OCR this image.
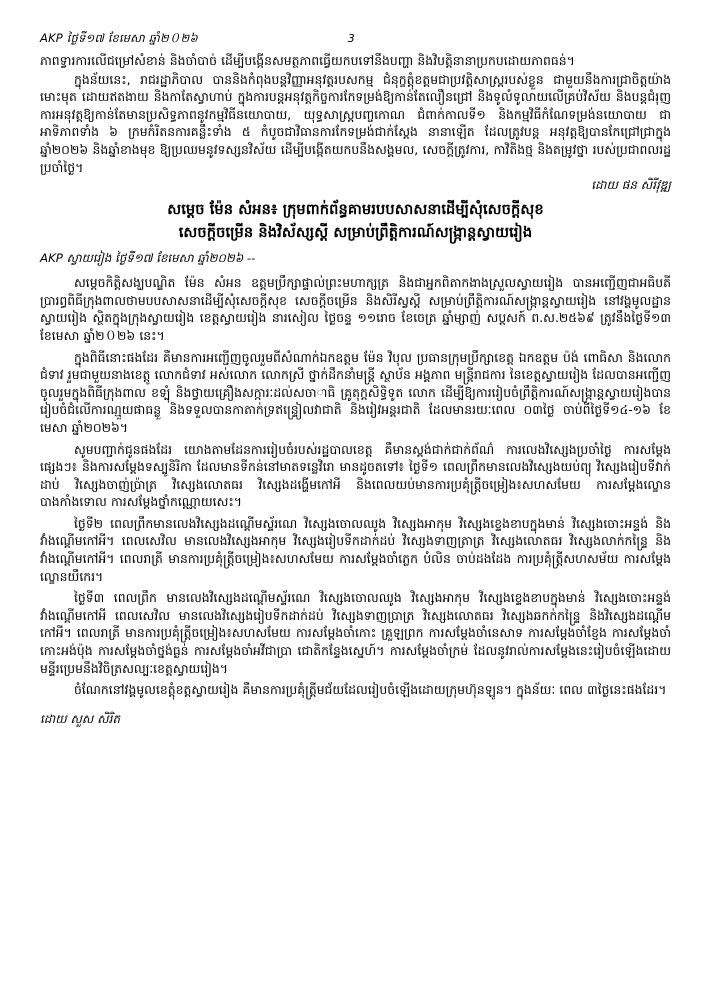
AKP ថ្ងៃទី១៧ ខែមេសា ឆ្នាំ២０២៦	3

ភាពទ្វារការលើជម្រៅសំខាន់ និងចាំបាច់ ដើម្បីបង្កើនសមត្ថភាពធ្វើយកបទៅនឹងបញ្ហា និងវិបត្តិនានាប្រកបដោយភាពធន់។

ក្នុងន័យនេះ, រាជរដ្ឋាភិបាល បាននិងកំពុងបន្តវិញ្ញាអនុវត្តរបសកម្ម ជំនុក្ខត្តុំខត្តមជាប្រវត្តិសាស្ត្ររបស់ខ្លួន ជាមួយនឹងការជ្រាចិត្តយ៉ាងមោះមុត ដោយឥតងាយ និងកាតែស្វាហាប់ ក្នុងការបន្តអនុវត្តកិច្ចការកែទម្រង់ឱ្យកាន់តែលឿនជ្រៅ និងទូលំទូលាយលើគ្រប់វិស័យ និងបន្តជំរុញការអនុវត្តឱ្យកាន់តែមានប្រសិទ្ធភាពនូវកម្មវិធីនយោបាយ, យុទ្ធសាស្ត្របញ្ចកោណ ជំពាក់កាលទី១ និងកម្មវិធីកំណែទម្រង់នយោបាយ ជាអាទិភាពទាំង ៦ ក្រមកំរិតនការគន្លឹះទាំង ៥ កំបូចជាវិធានការកែទម្រង់ជាក់ស្តែង នានាឡើត ដែលត្រូវបន្ត អនុវត្តឱ្យបានកែជ្រៅជ្រាក្នុងឆ្នាំ២០២៦ និងឆ្នាំខាងមុខ ឱ្យប្រឈមនូវទស្សនវិស័យ ដើម្បីបង្កើតយកបនឹងសង្គមល, សេចក្តីត្រូវការ, កាវិតិងថ្ម និងតម្រូវថ្នា របស់ប្រជាពលរដ្ឋប្រចាំថ្ងៃ។

ដោយ ផន សិរីវុឌ្ឍ

សម្តេច ម៉ែន សំអន៖ ក្រុមពាក់ព័ន្ធគាមរបបសាសនាដើម្បីសុំសេចក្តីសុខ
សេចក្តីចម្រើន និងវិស័ស្សស្តី សម្រាប់ព្រឹត្តិការណ៍សង្ក្រាន្តស្វាយរៀង

AKP ស្វាយរៀង ថ្ងៃទី១៧ ខែមេសា ឆ្នាំ២០២៦ --

សម្តេចកិត្តិសង្ឃបណ្ឌិត ម៉ែន សំអន ឧត្តមប្រឹក្សាផ្ទាល់ព្រះមហាក្សត្រ និងជាអ្នកពិតាកងាងស្រួលស្វាយរៀង បានអញ្ជើញជាអធិបតីប្រារព្ធពិធីក្រុងពាលថាមបបសាសនាដើម្បីសុំសេចក្តីសុខ សេចក្តីចម្រើន និងសិរីស្វស្តី សម្រាប់ព្រឹត្តិការណ៍សង្ក្រាន្តស្វាយរៀង នៅវង្គមូលដ្ឋានស្វាយរៀង ស្ថិតក្នុងក្រុងស្វាយរៀង ខេត្តស្វាយរៀង នារសៀល ថ្ងៃចន្ទ ១១រោច ខែចេត្រ ឆ្នាំម្សាញ់ សប្តសក៍ ព.ស.២៥៦៩ ត្រូវនឹងថ្ងៃទី១៣ ខែមេសា ឆ្នាំ២０២៦ នេះ។

ក្នុងពិធីនោះផងដែរ គឺមានការអញ្ជើញចូលរួមពីសំណាក់ឯកឧត្តម ម៉ែន វិបុល ប្រធានក្រុមប្រឹក្សាខេត្ត ឯកឧត្តម ប៉ង់ ពោធិសា និងលោកជំទាវ រួមជាមួយនាងខេត្តូ លោកជំទាវ អស់លោក លោកស្រី ថ្នាក់ដឹកនាំមន្ត្រី ស្ថាប័ន អង្គភាព មន្ត្រីរាជការ នៃខេត្តស្វាយរៀង ដែលបានអញ្ជើញចូលរួមក្នុងពិធីក្រុងពាល ខទ្បុំ និងថ្វាយគ្រឿងសក្ការៈដល់សចាាធិ គ្រូតុក្តសិទ្ធិទូត លោក ដើម្បីឱ្យការរៀបចំព្រឹត្តិការណ៍សង្ក្រាន្តស្វាយរៀងបានរៀបចំជំលើការណ្មួយផាធន្លួ និងទទួលបានកាតាក់ទ្រឥន្ទ្រៀលវាជាតិ និងរៀវអន្តរជាតិ ដែលមានរយៈពេល ០៣ថ្ងៃ ចាប់ពីថ្ងៃទី១៤-១៦ ខែមេសា ឆ្នាំ២០២៦។

សូមបញ្ជាក់ជូនផងដែរ យោងតាមដែនការរៀបចំរបស់រដ្ឋបាលខេត្ត គឺមានស្តង់ជាក់ជាក់ព័ណ៌ ការលេងវិស្សេងប្រចាំថ្ងៃ ការសម្តែងផ្សេងៗ៖ និងការសម្តែងទស្បូនិរិកា ដែលមានទីកន់នៅមាតទន្លេវិរោ មានដូចតទៅ៖ ថ្ងៃទី១ ពេលព្រឹកមានលេងវិស្សេងយប់ព្យុ វិស្សេងរៀបទីវាក់ដាប់ វិស្សេងចាញ់ប្រ៉ាត្រ វិស្សេងលោតធរ វិស្សេងដង្ហើមកៅអី និងពេលយប់មានការប្រគុំត្រ្តីចម្រៀង៖សហសមែយ ការសម្តែងល្ខោនបាងកាំងទោល ការសម្តែងថ្នាំកណ្ណេាយសេះ។

ថ្ងៃទី២ ពេលព្រឹកមានលេងវិស្សេងដណ្ដើមស្ទ័រណេ វិស្សេងចោលឈូង វិស្សេងអាកុម វិស្សេងខ្ទេងខាបក្នុងមាន់ វិស្សេងចោះអន្ទង់ និងវាំងណ្ដើមកៅអី។ ពេលសេវិល មានលេងវិស្សេងអាកុម វិស្សេងរៀបទីកដាក់ដប់ វិស្សេងទាញត្រាត្រ វិស្សេងលោតធរ វិស្សេងលាក់កន្ទ្រៃ និងវាំងណ្ដើមកៅអី។ ពេលរាត្រី មានការប្រគុំត្រ្តីចម្រៀង៖សហសមែយ ការសម្តែងចាំភ្លេក បំលិន ចាប់ដងដែង ការប្រគុំត្រ្តីសហសម័យ ការសម្តែងល្ខោនយឺកេរ។

ថ្ងៃទី៣ ពេលព្រឹក មានលេងវិស្សេងដណ្ដើមស្ទ័រណេ វិស្សេងចោលឈូង វិស្សេងអាកុម វិស្សេងខ្ទេងខាបក្នុងមាន់ វិស្សេងចោះអន្ទង់ វាំងណ្ដើមកៅអី ពេលសេវិល មានលេងវិស្សេងរៀបទីកដាក់ដប់ វិស្សេងទាញប្រាត្រ វិស្សេងលោតធរ វិស្សេងឆកក់កន្ទ្រៃ និងវិស្សេងដណ្ដើមកៅអី។ ពេលរាត្រី មានការប្រគុំត្រ្តីចម្រៀង៖សហសមែយ ការសម្តែងចាំកោះ គ្រួឡព្រក ការសម្តែងចាំនេសាទ ការសម្តែងចាំខ្ញែង ការសម្តែងចាំកោះអង់ប៉ុង ការសម្តែងចាំថ្នង់ធ្ងន់ ការសម្តែងចាំអវីជាប្រា ជោតិកន្ទែងស្នេហ៍។ ការសម្តែងចាំក្រម់ ដែលនូវរាល់ការសម្តែងនេះរៀបចំឡើងដោយមន្ទីរប្រេមនឹងវិចិត្រសល្បៈខេត្តស្វាយរៀង។

ចំណែកនៅវង្គមូលខេត្តុំខត្តស្វាយរៀង គឺមានការប្រគុំត្រ្តីមជ័យដែលរៀបចំឡើងដោយក្រុមហ៊ុនឡូន។ ក្នុងន័យៈ ពេល ៣ថ្ងៃនេះផងដែរ។

ដោយ សួស សិរិត
